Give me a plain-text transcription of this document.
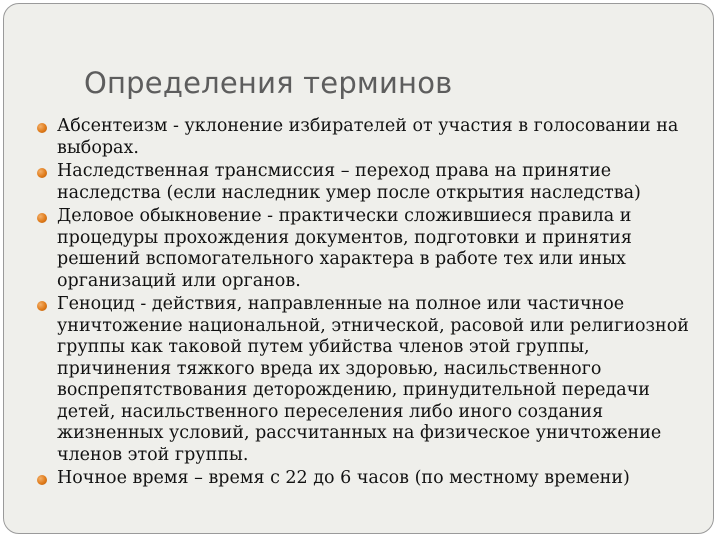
Определения терминов
Абсентеизм - уклонение избирателей от участия в голосовании на выборах.
Наследственная трансмиссия – переход права на принятие наследства (если наследник умер после открытия наследства)
Деловое обыкновение - практически сложившиеся правила и процедуры прохождения документов, подготовки и принятия решений вспомогательного характера в работе тех или иных организаций или органов.
Геноцид - действия, направленные на полное или частичное уничтожение национальной, этнической, расовой или религиозной группы как таковой путем убийства членов этой группы, причинения тяжкого вреда их здоровью, насильственного воспрепятствования деторождению, принудительной передачи детей, насильственного переселения либо иного создания жизненных условий, рассчитанных на физическое уничтожение членов этой группы.
Ночное время – время с 22 до 6 часов (по местному времени)
